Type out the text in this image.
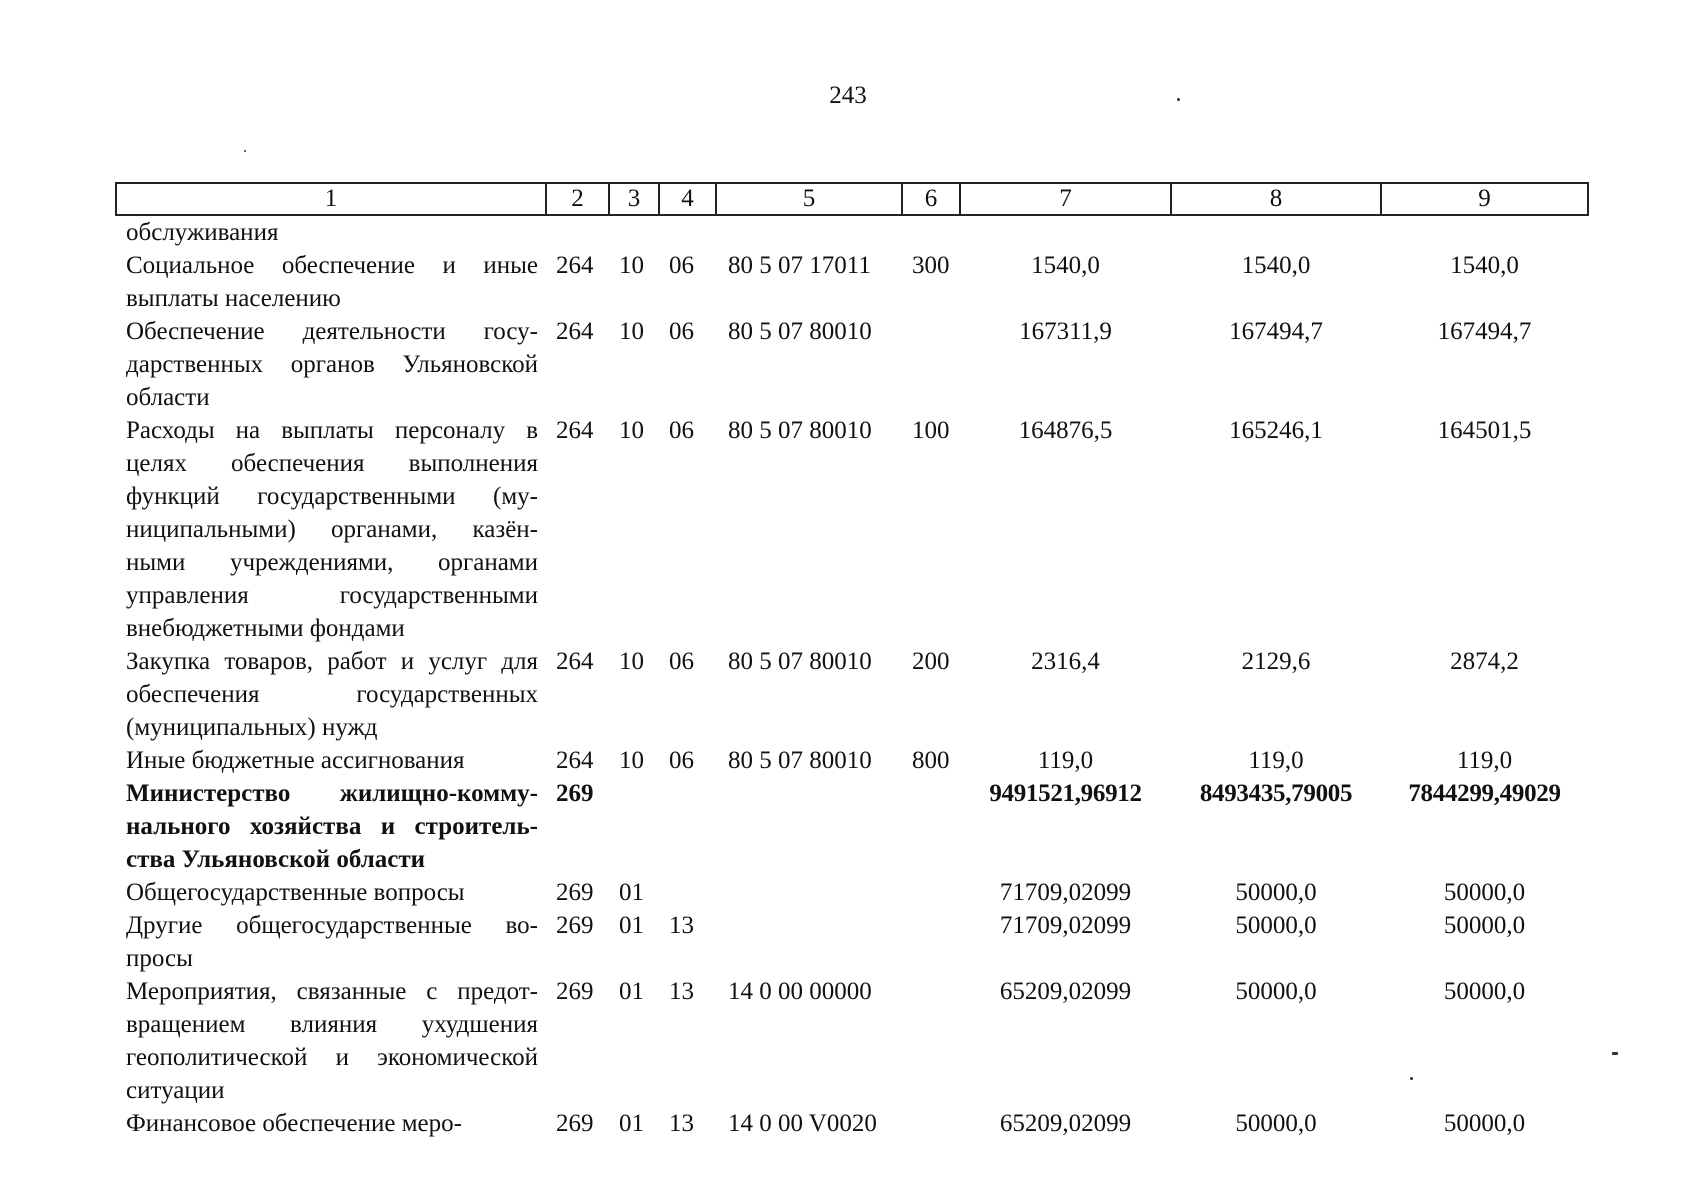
243
1	2	3	4	5	6	7	8	9
обслуживания								
Социальное обеспечение и иные выплаты населению	264	10	06	80 5 07 17011	300	1540,0	1540,0	1540,0
Обеспечение деятельности госу-дарственных органов Ульяновской области	264	10	06	80 5 07 80010		167311,9	167494,7	167494,7
Расходы на выплаты персоналу в целях обеспечения выполнения функций государственными (му-ниципальными) органами, казён-ными учреждениями, органами управления государственными внебюджетными фондами	264	10	06	80 5 07 80010	100	164876,5	165246,1	164501,5
Закупка товаров, работ и услуг для обеспечения государственных (муниципальных) нужд	264	10	06	80 5 07 80010	200	2316,4	2129,6	2874,2
Иные бюджетные ассигнования	264	10	06	80 5 07 80010	800	119,0	119,0	119,0
Министерство жилищно-комму-нального хозяйства и строитель-ства Ульяновской области	269					9491521,96912	8493435,79005	7844299,49029
Общегосударственные вопросы	269	01				71709,02099	50000,0	50000,0
Другие общегосударственные во-просы	269	01	13			71709,02099	50000,0	50000,0
Мероприятия, связанные с предот-вращением влияния ухудшения геополитической и экономической ситуации	269	01	13	14 0 00 00000		65209,02099	50000,0	50000,0
Финансовое обеспечение меро-	269	01	13	14 0 00 V0020		65209,02099	50000,0	50000,0
